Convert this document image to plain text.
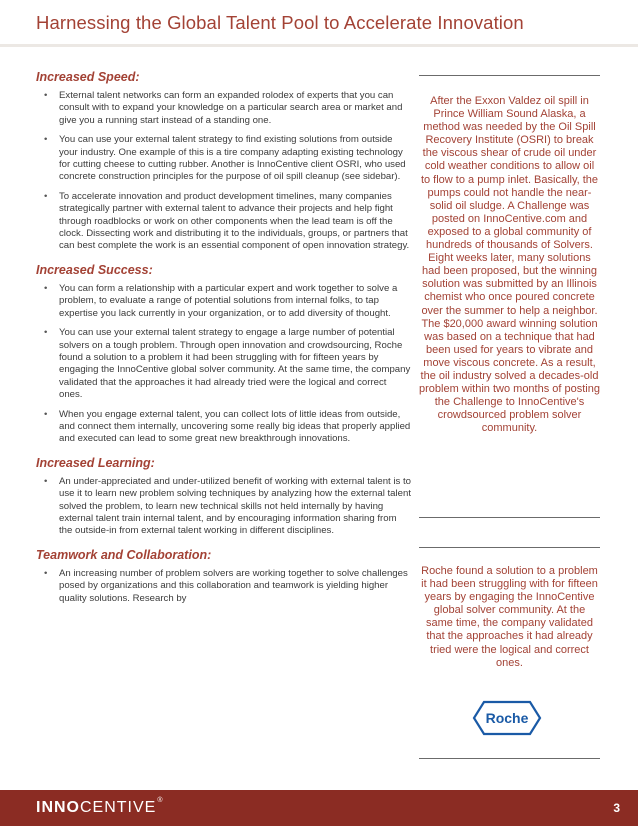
Harnessing the Global Talent Pool to Accelerate Innovation
Increased Speed:
• External talent networks can form an expanded rolodex of experts that you can consult with to expand your knowledge on a particular search area or market and give you a running start instead of a standing one.
• You can use your external talent strategy to find existing solutions from outside your industry. One example of this is a tire company adapting existing technology for cutting cheese to cutting rubber. Another is InnoCentive client OSRI, who used concrete construction principles for the purpose of oil spill cleanup (see sidebar).
• To accelerate innovation and product development timelines, many companies strategically partner with external talent to advance their projects and help fight through roadblocks or work on other components when the lead team is off the clock. Dissecting work and distributing it to the individuals, groups, or partners that can best complete the work is an essential component of open innovation strategy.
Increased Success:
• You can form a relationship with a particular expert and work together to solve a problem, to evaluate a range of potential solutions from internal folks, to tap expertise you lack currently in your organization, or to add diversity of thought.
• You can use your external talent strategy to engage a large number of potential solvers on a tough problem. Through open innovation and crowdsourcing, Roche found a solution to a problem it had been struggling with for fifteen years by engaging the InnoCentive global solver community. At the same time, the company validated that the approaches it had already tried were the logical and correct ones.
• When you engage external talent, you can collect lots of little ideas from outside, and connect them internally, uncovering some really big ideas that properly applied and executed can lead to some great new breakthrough innovations.
Increased Learning:
• An under-appreciated and under-utilized benefit of working with external talent is to use it to learn new problem solving techniques by analyzing how the external talent solved the problem, to learn new technical skills not held internally by having external talent train internal talent, and by encouraging information sharing from the outside-in from external talent working in different disciplines.
Teamwork and Collaboration:
• An increasing number of problem solvers are working together to solve challenges posed by organizations and this collaboration and teamwork is yielding higher quality solutions. Research by
After the Exxon Valdez oil spill in Prince William Sound Alaska, a method was needed by the Oil Spill Recovery Institute (OSRI) to break the viscous shear of crude oil under cold weather conditions to allow oil to flow to a pump inlet. Basically, the pumps could not handle the near-solid oil sludge. A Challenge was posted on InnoCentive.com and exposed to a global community of hundreds of thousands of Solvers. Eight weeks later, many solutions had been proposed, but the winning solution was submitted by an Illinois chemist who once poured concrete over the summer to help a neighbor. The $20,000 award winning solution was based on a technique that had been used for years to vibrate and move viscous concrete. As a result, the oil industry solved a decades-old problem within two months of posting the Challenge to InnoCentive's crowdsourced problem solver community.
Roche found a solution to a problem it had been struggling with for fifteen years by engaging the InnoCentive global solver community. At the same time, the company validated that the approaches it had already tried were the logical and correct ones.
Roche
INNOCENTIVE®
3
